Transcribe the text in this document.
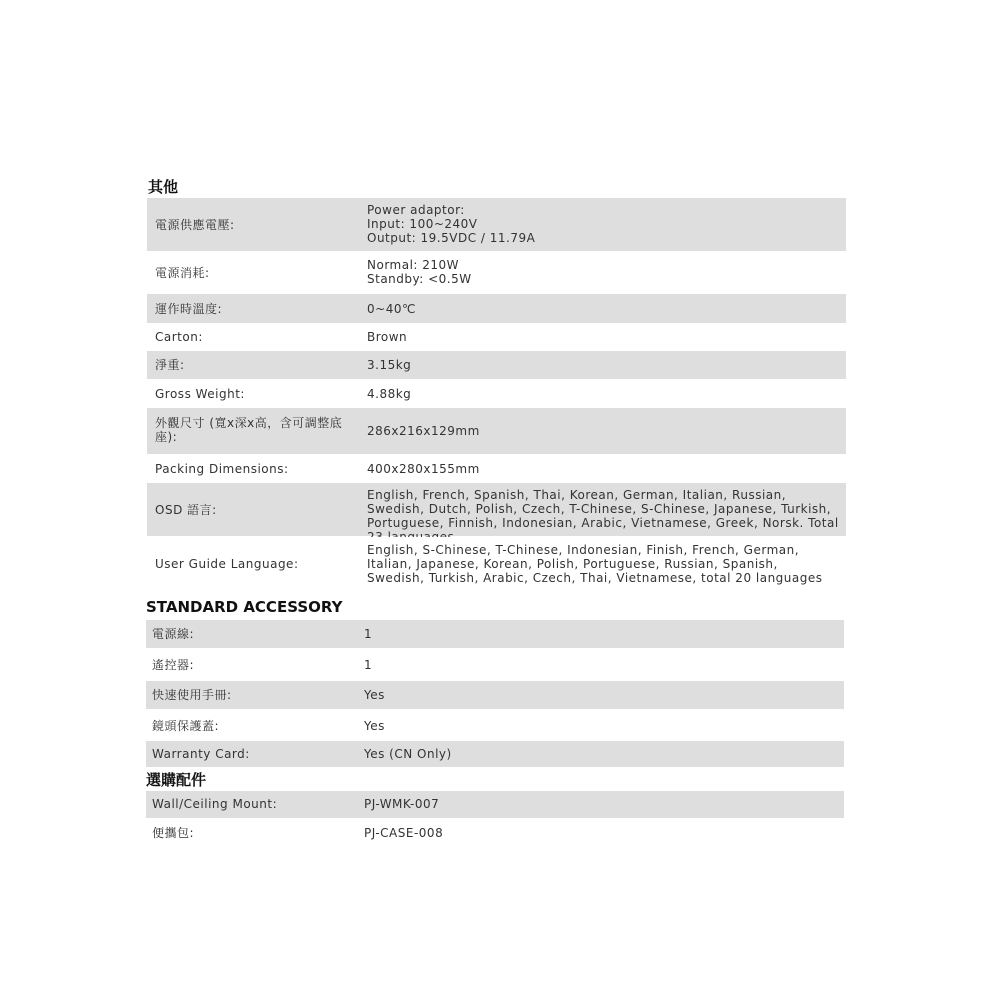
其他
電源供應電壓:
Power adaptor:
Input: 100~240V
Output: 19.5VDC / 11.79A
電源消耗:
Normal: 210W
Standby: <0.5W
運作時溫度:	0~40℃
Carton:	Brown
淨重:	3.15kg
Gross Weight:	4.88kg
外觀尺寸 (寬x深x高，含可調整底座):	286x216x129mm
Packing Dimensions:	400x280x155mm
OSD 語言:
English, French, Spanish, Thai, Korean, German, Italian, Russian, Swedish, Dutch, Polish, Czech, T-Chinese, S-Chinese, Japanese, Turkish, Portuguese, Finnish, Indonesian, Arabic, Vietnamese, Greek, Norsk. Total
User Guide Language:
English, S-Chinese, T-Chinese, Indonesian, Finish, French, German, Italian, Japanese, Korean, Polish, Portuguese, Russian, Spanish, Swedish, Turkish, Arabic, Czech, Thai, Vietnamese, total 20 languages
STANDARD ACCESSORY
電源線:	1
遙控器:	1
快速使用手冊:	Yes
鏡頭保護蓋:	Yes
Warranty Card:	Yes (CN Only)
選購配件
Wall/Ceiling Mount:	PJ-WMK-007
便攜包:	PJ-CASE-008
